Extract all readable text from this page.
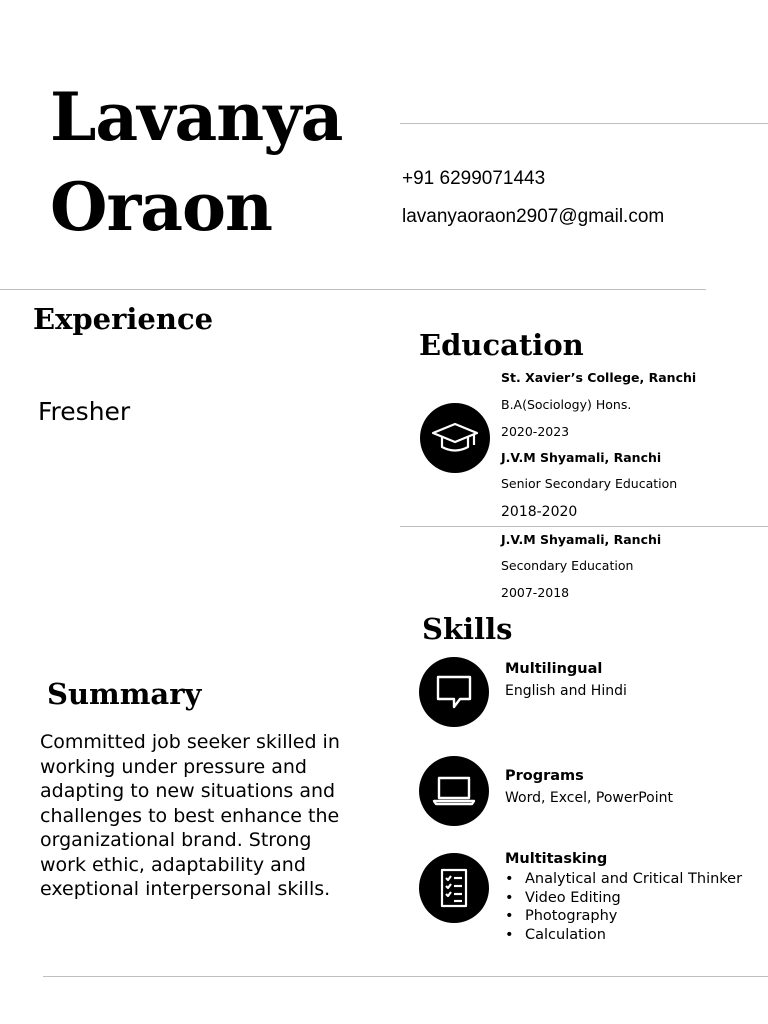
Lavanya
Oraon	+91 6299071443
lavanyaoraon2907@gmail.com
Experience
Fresher
Education
St. Xavier’s College, Ranchi
B.A(Sociology) Hons.
2020-2023
J.V.M Shyamali, Ranchi
Senior Secondary Education
2018-2020
J.V.M Shyamali, Ranchi
Secondary Education
2007-2018
Skills
Multilingual
English and Hindi
Programs
Word, Excel, PowerPoint
Multitasking
• Analytical and Critical Thinker
• Video Editing
• Photography
• Calculation
Summary
Committed job seeker skilled in working under pressure and adapting to new situations and challenges to best enhance the organizational brand. Strong work ethic, adaptability and exeptional interpersonal skills.
